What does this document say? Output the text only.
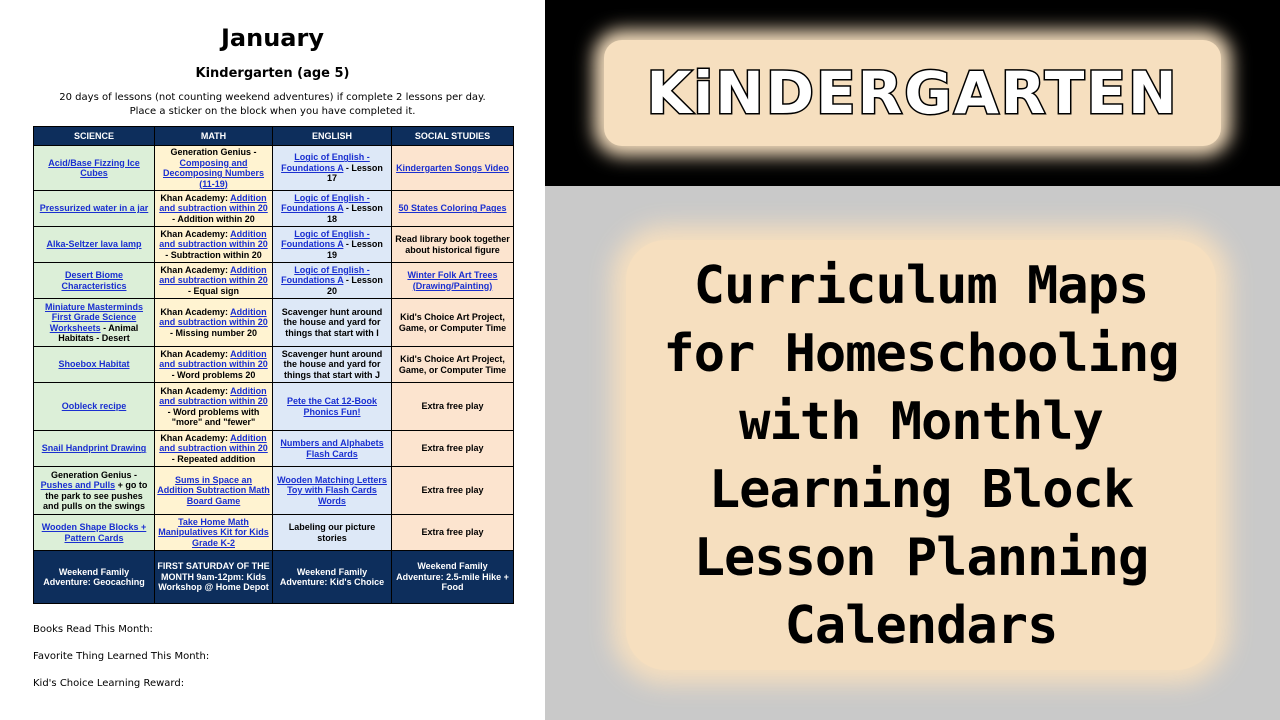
January
Kindergarten (age 5)
20 days of lessons (not counting weekend adventures) if complete 2 lessons per day.
Place a sticker on the block when you have completed it.
SCIENCE	MATH	ENGLISH	SOCIAL STUDIES
Acid/Base Fizzing Ice Cubes	Generation Genius - Composing and Decomposing Numbers (11-19)	Logic of English - Foundations A - Lesson 17	Kindergarten Songs Video
Pressurized water in a jar	Khan Academy: Addition and subtraction within 20 - Addition within 20	Logic of English - Foundations A - Lesson 18	50 States Coloring Pages
Alka-Seltzer lava lamp	Khan Academy: Addition and subtraction within 20 - Subtraction within 20	Logic of English - Foundations A - Lesson 19	Read library book together about historical figure
Desert Biome Characteristics	Khan Academy: Addition and subtraction within 20 - Equal sign	Logic of English - Foundations A - Lesson 20	Winter Folk Art Trees (Drawing/Painting)
Miniature Masterminds First Grade Science Worksheets - Animal Habitats - Desert	Khan Academy: Addition and subtraction within 20 - Missing number 20	Scavenger hunt around the house and yard for things that start with I	Kid's Choice Art Project, Game, or Computer Time
Shoebox Habitat	Khan Academy: Addition and subtraction within 20 - Word problems 20	Scavenger hunt around the house and yard for things that start with J	Kid's Choice Art Project, Game, or Computer Time
Oobleck recipe	Khan Academy: Addition and subtraction within 20 - Word problems with "more" and "fewer"	Pete the Cat 12-Book Phonics Fun!	Extra free play
Snail Handprint Drawing	Khan Academy: Addition and subtraction within 20 - Repeated addition	Numbers and Alphabets Flash Cards	Extra free play
Generation Genius - Pushes and Pulls + go to the park to see pushes and pulls on the swings	Sums in Space an Addition Subtraction Math Board Game	Wooden Matching Letters Toy with Flash Cards Words	Extra free play
Wooden Shape Blocks + Pattern Cards	Take Home Math Manipulatives Kit for Kids Grade K-2	Labeling our picture stories	Extra free play
Weekend Family Adventure: Geocaching	FIRST SATURDAY OF THE MONTH 9am-12pm: Kids Workshop @ Home Depot	Weekend Family Adventure: Kid's Choice	Weekend Family Adventure: 2.5-mile Hike + Food
Books Read This Month:
Favorite Thing Learned This Month:
Kid's Choice Learning Reward:
KiNDERGARTEN
Curriculum Maps
for Homeschooling
with Monthly
Learning Block
Lesson Planning
Calendars
